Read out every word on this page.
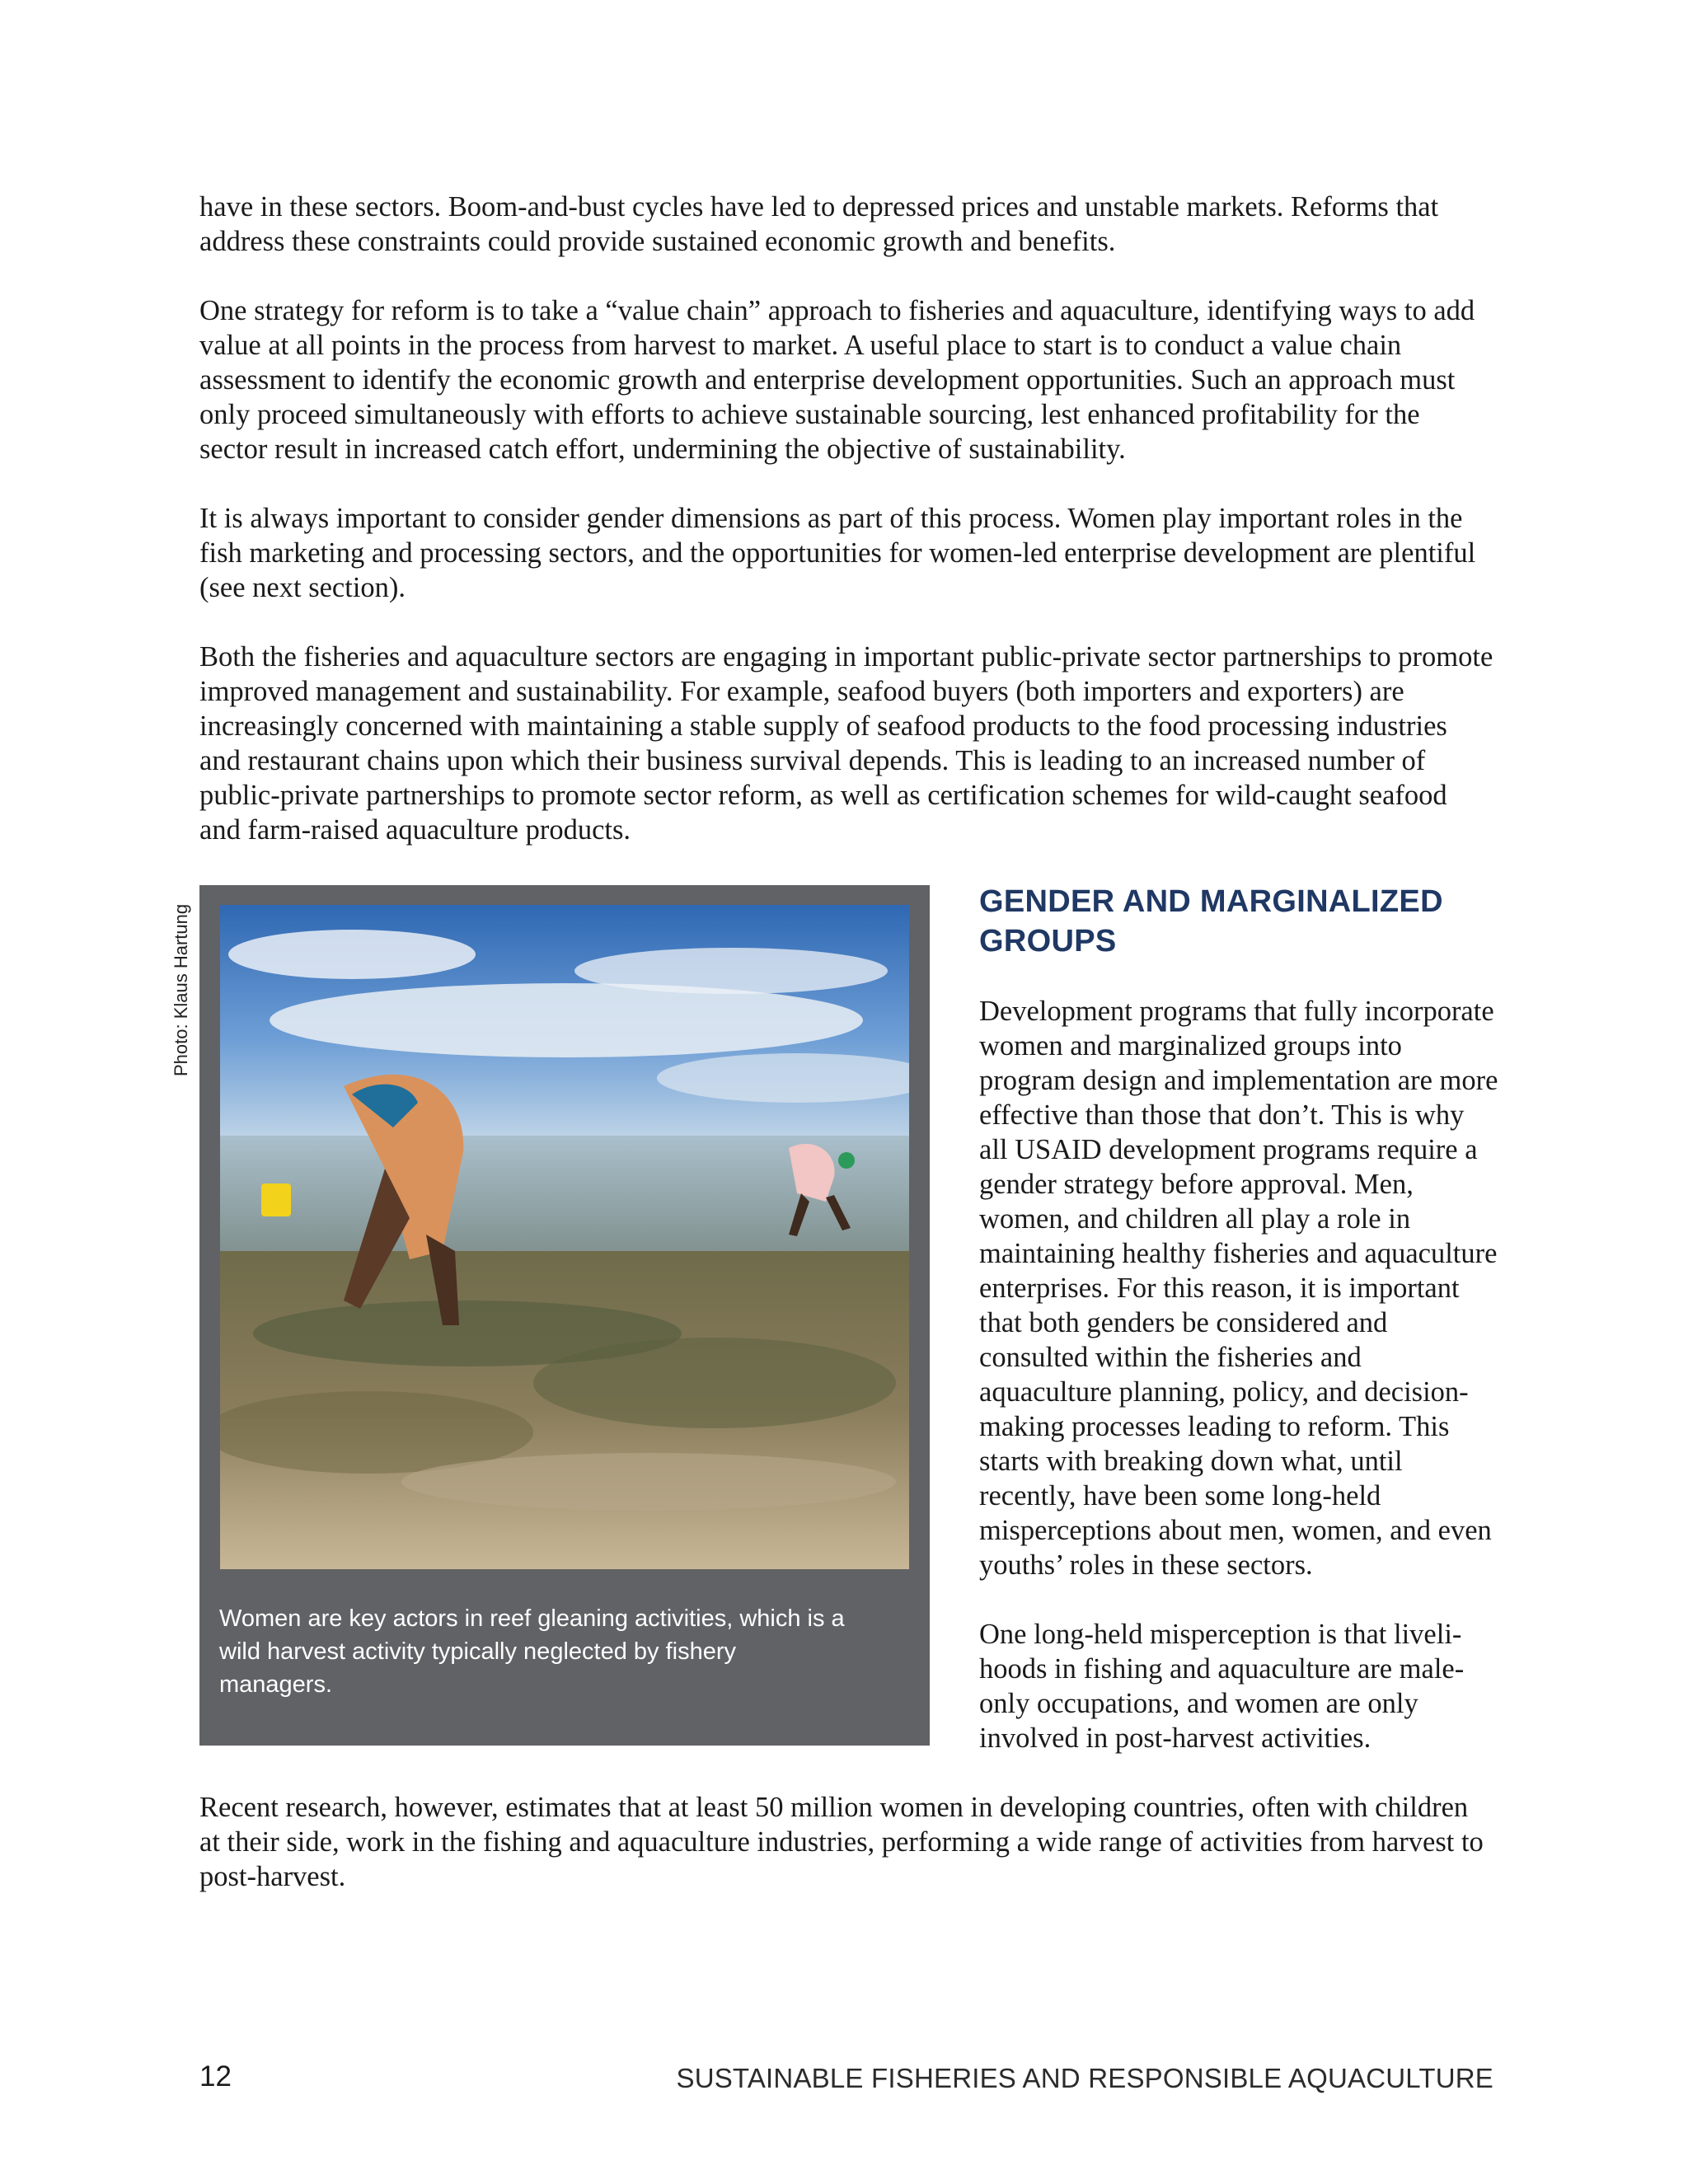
have in these sectors. Boom-and-bust cycles have led to depressed prices and unstable markets. Reforms that address these constraints could provide sustained economic growth and benefits.

One strategy for reform is to take a “value chain” approach to fisheries and aquaculture, identifying ways to add value at all points in the process from harvest to market. A useful place to start is to conduct a value chain assessment to identify the economic growth and enterprise development opportunities. Such an approach must only proceed simultaneously with efforts to achieve sustainable sourcing, lest enhanced profitability for the sector result in increased catch effort, undermining the objective of sustainability.

It is always important to consider gender dimensions as part of this process. Women play important roles in the fish marketing and processing sectors, and the opportunities for women-led enterprise development are plentiful (see next section).

Both the fisheries and aquaculture sectors are engaging in important public-private sector partnerships to promote improved management and sustainability. For example, seafood buyers (both importers and exporters) are increasingly concerned with maintaining a stable supply of seafood products to the food processing industries and restaurant chains upon which their business survival depends. This is leading to an increased number of public-private partnerships to promote sector reform, as well as certification schemes for wild-caught seafood and farm-raised aquaculture products.

Photo: Klaus Hartung
Women are key actors in reef gleaning activities, which is a wild harvest activity typically neglected by fishery managers.
GENDER AND MARGINALIZED GROUPS

Development programs that fully incorporate women and marginalized groups into program design and implementation are more effective than those that don’t. This is why all USAID development programs require a gender strategy before approval. Men, women, and children all play a role in maintaining healthy fisheries and aquaculture enterprises. For this reason, it is important that both genders be considered and consulted within the fisheries and aquaculture planning, policy, and decision-making processes leading to reform. This starts with breaking down what, until recently, have been some long-held misperceptions about men, women, and even youths’ roles in these sectors.

One long-held misperception is that liveli-hoods in fishing and aquaculture are male-only occupations, and women are only involved in post-harvest activities.

Recent research, however, estimates that at least 50 million women in developing countries, often with children at their side, work in the fishing and aquaculture industries, performing a wide range of activities from harvest to post-harvest.

12	SUSTAINABLE FISHERIES AND RESPONSIBLE AQUACULTURE
